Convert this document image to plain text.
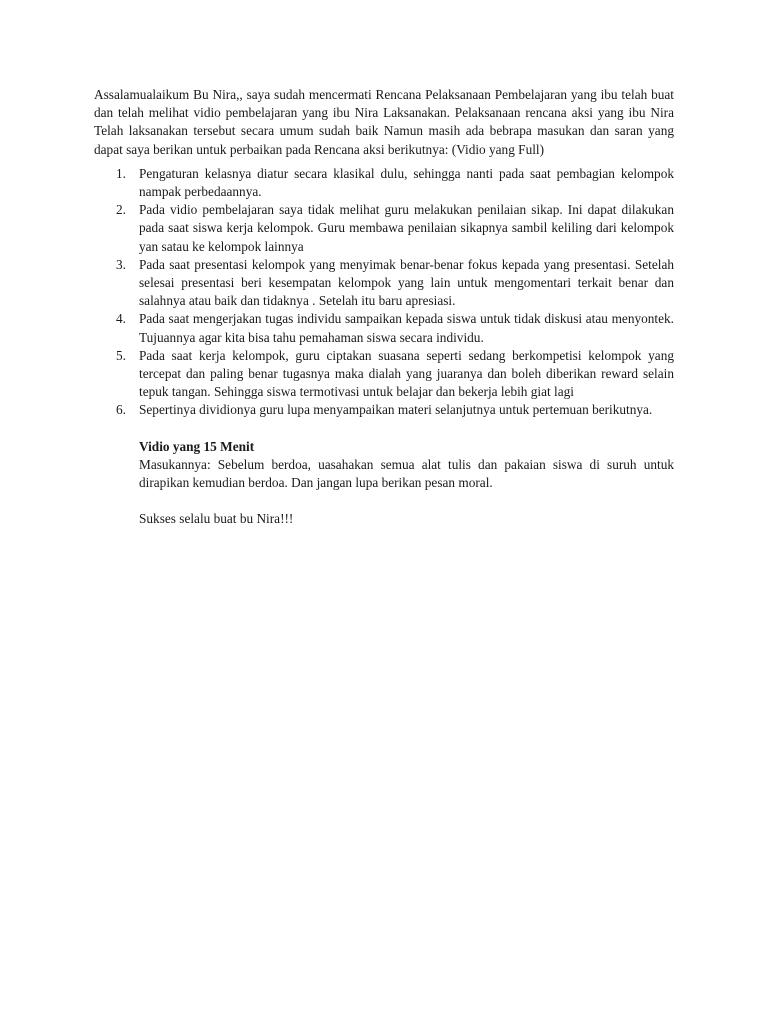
Assalamualaikum Bu Nira,, saya sudah mencermati Rencana Pelaksanaan Pembelajaran yang ibu telah buat dan telah melihat vidio pembelajaran yang ibu Nira Laksanakan. Pelaksanaan rencana aksi yang ibu Nira Telah laksanakan tersebut secara umum sudah baik Namun masih ada bebrapa masukan dan saran yang dapat saya berikan untuk perbaikan pada Rencana aksi berikutnya: (Vidio yang Full)

1. Pengaturan kelasnya diatur secara klasikal dulu, sehingga nanti pada saat pembagian kelompok nampak perbedaannya.
2. Pada vidio pembelajaran saya tidak melihat guru melakukan penilaian sikap. Ini dapat dilakukan pada saat siswa kerja kelompok. Guru membawa penilaian sikapnya sambil keliling dari kelompok yan satau ke kelompok lainnya
3. Pada saat presentasi kelompok yang menyimak benar-benar fokus kepada yang presentasi. Setelah selesai presentasi beri kesempatan kelompok yang lain untuk mengomentari terkait benar dan salahnya atau baik dan tidaknya . Setelah itu baru apresiasi.
4. Pada saat mengerjakan tugas individu sampaikan kepada siswa untuk tidak diskusi atau menyontek. Tujuannya agar kita bisa tahu pemahaman siswa secara individu.
5. Pada saat kerja kelompok, guru ciptakan suasana seperti sedang berkompetisi kelompok yang tercepat dan paling benar tugasnya maka dialah yang juaranya dan boleh diberikan reward selain tepuk tangan. Sehingga siswa termotivasi untuk belajar dan bekerja lebih giat lagi
6. Sepertinya dividionya guru lupa menyampaikan materi selanjutnya untuk pertemuan berikutnya.
Vidio yang 15 Menit
Masukannya: Sebelum berdoa, uasahakan semua alat tulis dan pakaian siswa di suruh untuk dirapikan kemudian berdoa. Dan jangan lupa berikan pesan moral.
Sukses selalu buat bu Nira!!!
